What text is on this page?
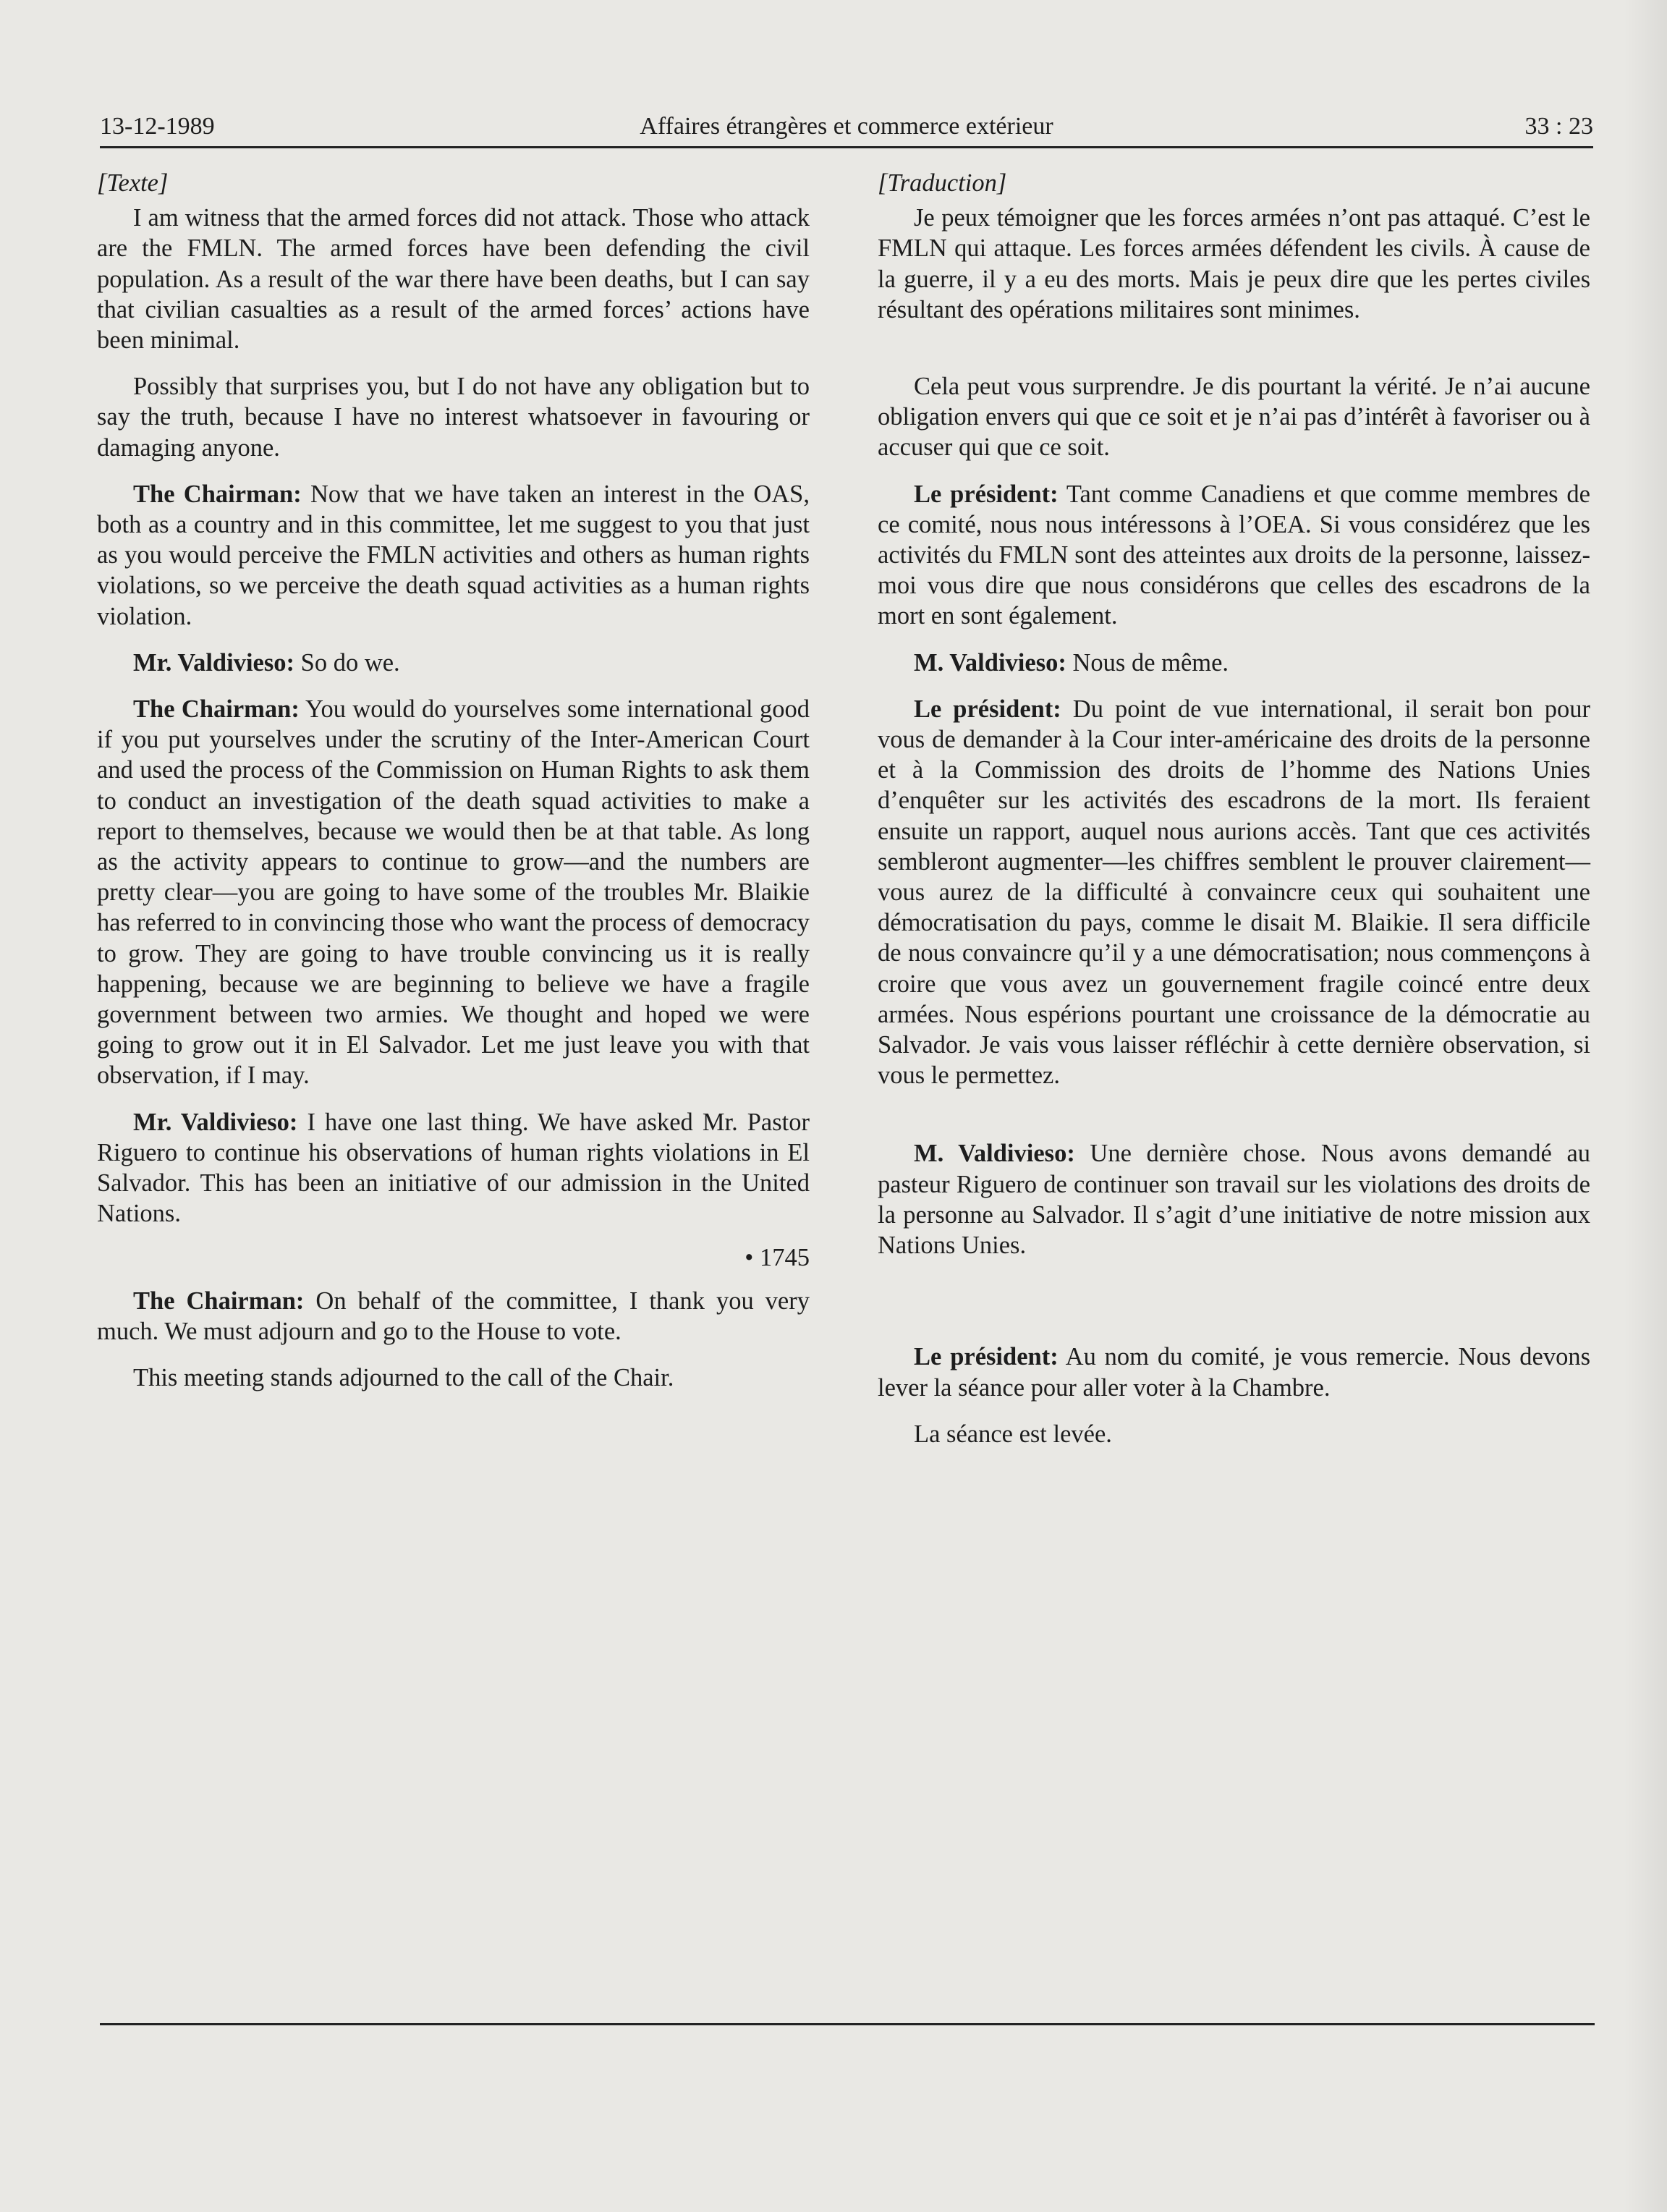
13-12-1989	Affaires étrangères et commerce extérieur	33 : 23
[ Texte ]

I am witness that the armed forces did not attack. Those who attack are the FMLN. The armed forces have been defending the civil population. As a result of the war there have been deaths, but I can say that civilian casualties as a result of the armed forces’ actions have been minimal.

Possibly that surprises you, but I do not have any obligation but to say the truth, because I have no interest whatsoever in favouring or damaging anyone.

The Chairman: Now that we have taken an interest in the OAS, both as a country and in this committee, let me suggest to you that just as you would perceive the FMLN activities and others as human rights violations, so we perceive the death squad activities as a human rights violation.

Mr. Valdivieso: So do we.

The Chairman: You would do yourselves some international good if you put yourselves under the scrutiny of the Inter-American Court and used the process of the Commission on Human Rights to ask them to conduct an investigation of the death squad activities to make a report to themselves, because we would then be at that table. As long as the activity appears to continue to grow—and the numbers are pretty clear—you are going to have some of the troubles Mr. Blaikie has referred to in convincing those who want the process of democracy to grow. They are going to have trouble convincing us it is really happening, because we are beginning to believe we have a fragile government between two armies. We thought and hoped we were going to grow out it in El Salvador. Let me just leave you with that observation, if I may.

Mr. Valdivieso: I have one last thing. We have asked Mr. Pastor Riguero to continue his observations of human rights violations in El Salvador. This has been an initiative of our admission in the United Nations.

• 1745

The Chairman: On behalf of the committee, I thank you very much. We must adjourn and go to the House to vote.

This meeting stands adjourned to the call of the Chair.

[ Traduction ]

Je peux témoigner que les forces armées n’ont pas attaqué. C’est le FMLN qui attaque. Les forces armées défendent les civils. À cause de la guerre, il y a eu des morts. Mais je peux dire que les pertes civiles résultant des opérations militaires sont minimes.

Cela peut vous surprendre. Je dis pourtant la vérité. Je n’ai aucune obligation envers qui que ce soit et je n’ai pas d’intérêt à favoriser ou à accuser qui que ce soit.

Le président: Tant comme Canadiens et que comme membres de ce comité, nous nous intéressons à l’OEA. Si vous considérez que les activités du FMLN sont des atteintes aux droits de la personne, laissez-moi vous dire que nous considérons que celles des escadrons de la mort en sont également.

M. Valdivieso: Nous de même.

Le président: Du point de vue international, il serait bon pour vous de demander à la Cour inter-américaine des droits de la personne et à la Commission des droits de l’homme des Nations Unies d’enquêter sur les activités des escadrons de la mort. Ils feraient ensuite un rapport, auquel nous aurions accès. Tant que ces activités sembleront augmenter—les chiffres semblent le prouver clairement—vous aurez de la difficulté à convaincre ceux qui souhaitent une démocratisation du pays, comme le disait M. Blaikie. Il sera difficile de nous convaincre qu’il y a une démocratisation; nous commençons à croire que vous avez un gouvernement fragile coincé entre deux armées. Nous espérions pourtant une croissance de la démocratie au Salvador. Je vais vous laisser réfléchir à cette dernière observation, si vous le permettez.

M. Valdivieso: Une dernière chose. Nous avons demandé au pasteur Riguero de continuer son travail sur les violations des droits de la personne au Salvador. Il s’agit d’une initiative de notre mission aux Nations Unies.

Le président: Au nom du comité, je vous remercie. Nous devons lever la séance pour aller voter à la Chambre.

La séance est levée.
